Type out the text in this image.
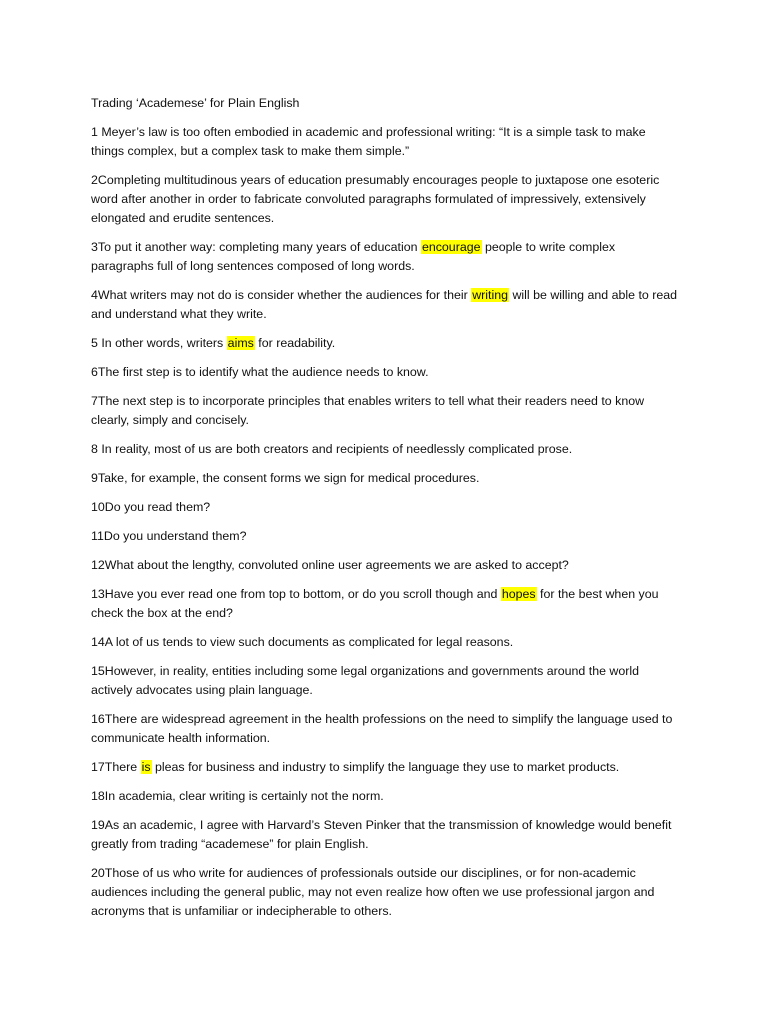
Trading ‘Academese’ for Plain English

1 Meyer’s law is too often embodied in academic and professional writing: “It is a simple task to make things complex, but a complex task to make them simple.”

2Completing multitudinous years of education presumably encourages people to juxtapose one esoteric word after another in order to fabricate convoluted paragraphs formulated of impressively, extensively elongated and erudite sentences.

3To put it another way: completing many years of education encourage people to write complex paragraphs full of long sentences composed of long words.

4What writers may not do is consider whether the audiences for their writing will be willing and able to read and understand what they write.

5 In other words, writers aims for readability.

6The first step is to identify what the audience needs to know.

7The next step is to incorporate principles that enables writers to tell what their readers need to know clearly, simply and concisely.

8 In reality, most of us are both creators and recipients of needlessly complicated prose.

9Take, for example, the consent forms we sign for medical procedures.

10Do you read them?

11Do you understand them?

12What about the lengthy, convoluted online user agreements we are asked to accept?

13Have you ever read one from top to bottom, or do you scroll though and hopes for the best when you check the box at the end?

14A lot of us tends to view such documents as complicated for legal reasons.

15However, in reality, entities including some legal organizations and governments around the world actively advocates using plain language.

16There are widespread agreement in the health professions on the need to simplify the language used to communicate health information.

17There is pleas for business and industry to simplify the language they use to market products.

18In academia, clear writing is certainly not the norm.

19As an academic, I agree with Harvard’s Steven Pinker that the transmission of knowledge would benefit greatly from trading “academese” for plain English.

20Those of us who write for audiences of professionals outside our disciplines, or for non-academic audiences including the general public, may not even realize how often we use professional jargon and acronyms that is unfamiliar or indecipherable to others.
